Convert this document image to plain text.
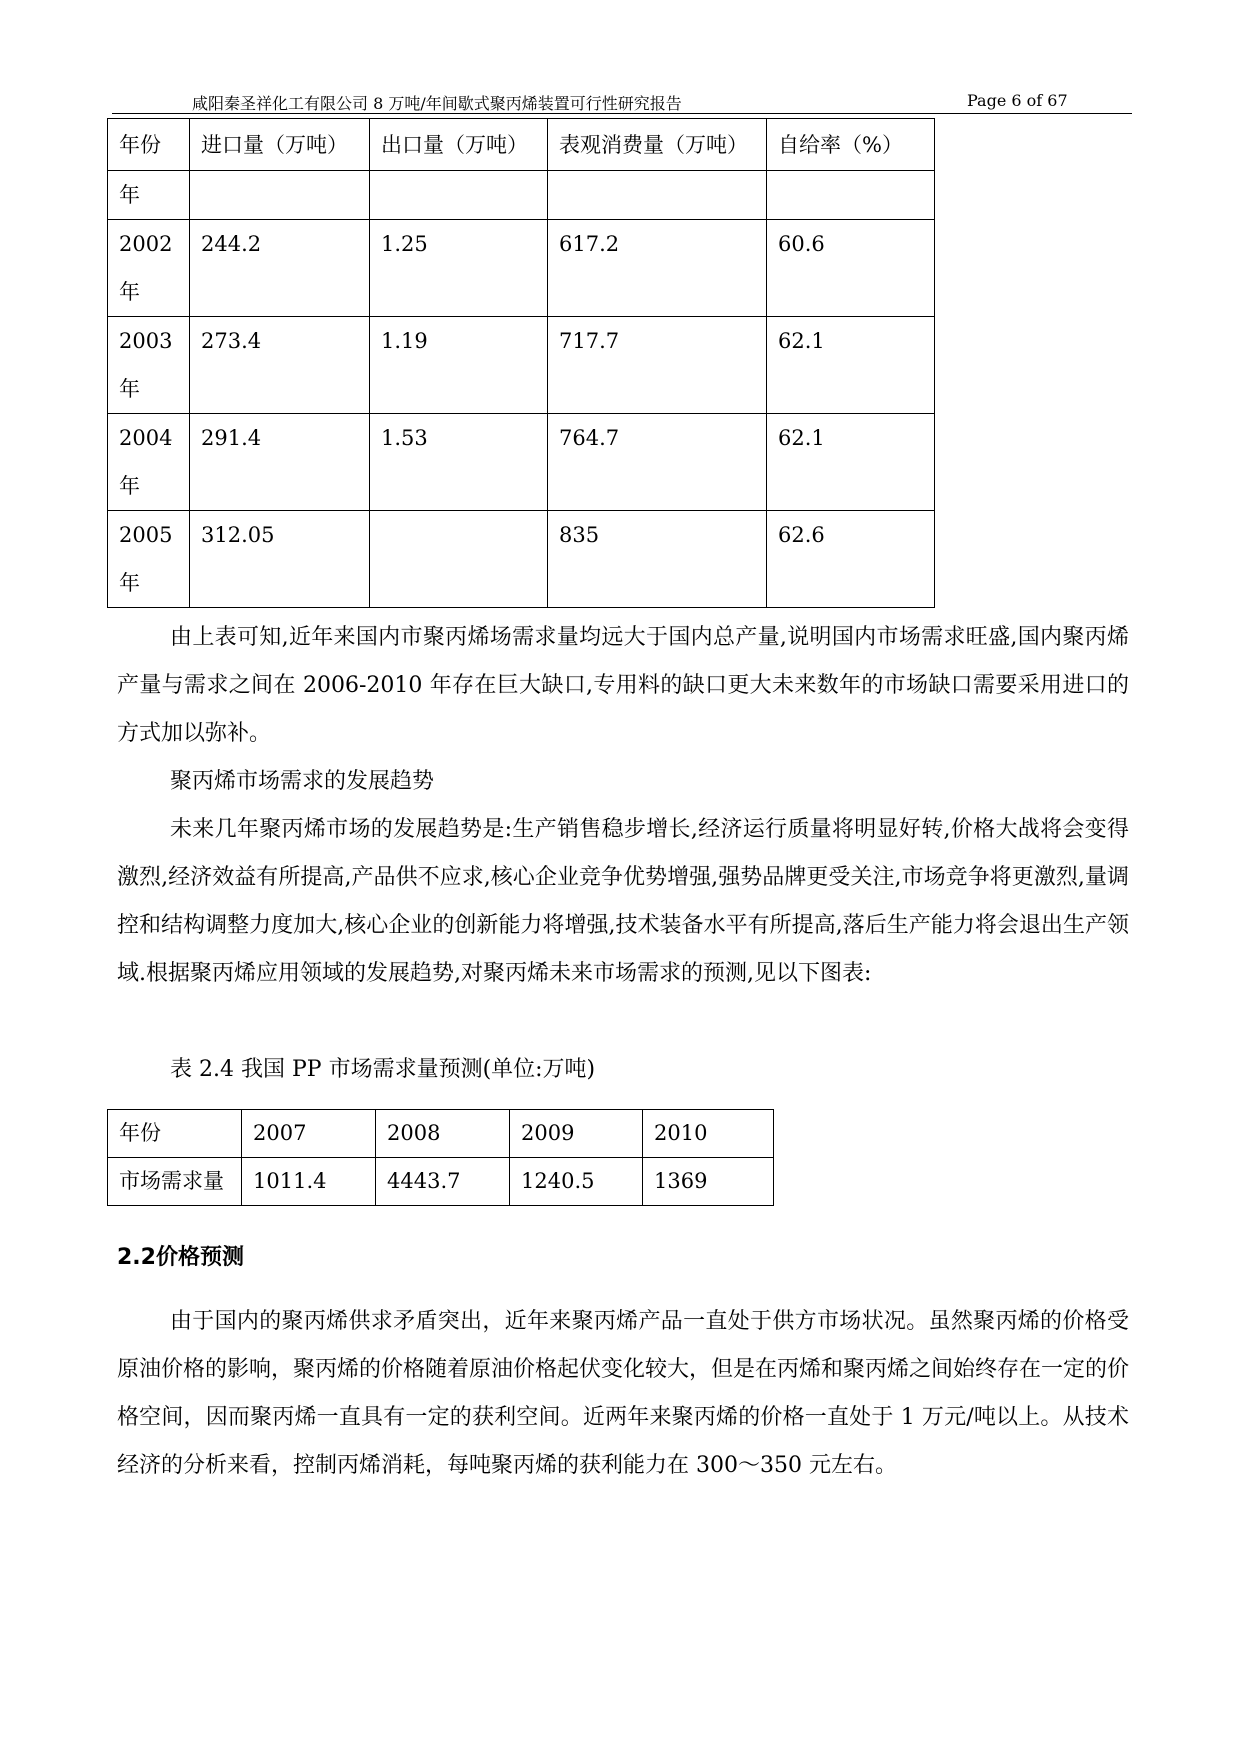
咸阳秦圣祥化工有限公司 8 万吨/年间歇式聚丙烯装置可行性研究报告	Page 6 of 67
年份	进口量（万吨）	出口量（万吨）	表观消费量（万吨）	自给率（%）
年				
2002
年	244.2	1.25	617.2	60.6
2003
年	273.4	1.19	717.7	62.1
2004
年	291.4	1.53	764.7	62.1
2005
年	312.05		835	62.6

由上表可知,近年来国内市聚丙烯场需求量均远大于国内总产量,说明国内市场需求旺盛,国内聚丙烯产量与需求之间在 2006-2010 年存在巨大缺口,专用料的缺口更大未来数年的市场缺口需要采用进口的方式加以弥补。

聚丙烯市场需求的发展趋势

未来几年聚丙烯市场的发展趋势是:生产销售稳步增长,经济运行质量将明显好转,价格大战将会变得激烈,经济效益有所提高,产品供不应求,核心企业竞争优势增强,强势品牌更受关注,市场竞争将更激烈,量调控和结构调整力度加大,核心企业的创新能力将增强,技术装备水平有所提高,落后生产能力将会退出生产领域.根据聚丙烯应用领域的发展趋势,对聚丙烯未来市场需求的预测,见以下图表:

表 2.4 我国 PP 市场需求量预测(单位:万吨)

年份	2007	2008	2009	2010
市场需求量	1011.4	4443.7	1240.5	1369

2.2价格预测

由于国内的聚丙烯供求矛盾突出，近年来聚丙烯产品一直处于供方市场状况。虽然聚丙烯的价格受原油价格的影响，聚丙烯的价格随着原油价格起伏变化较大，但是在丙烯和聚丙烯之间始终存在一定的价格空间，因而聚丙烯一直具有一定的获利空间。近两年来聚丙烯的价格一直处于 1 万元/吨以上。从技术经济的分析来看，控制丙烯消耗，每吨聚丙烯的获利能力在 300～350 元左右。
